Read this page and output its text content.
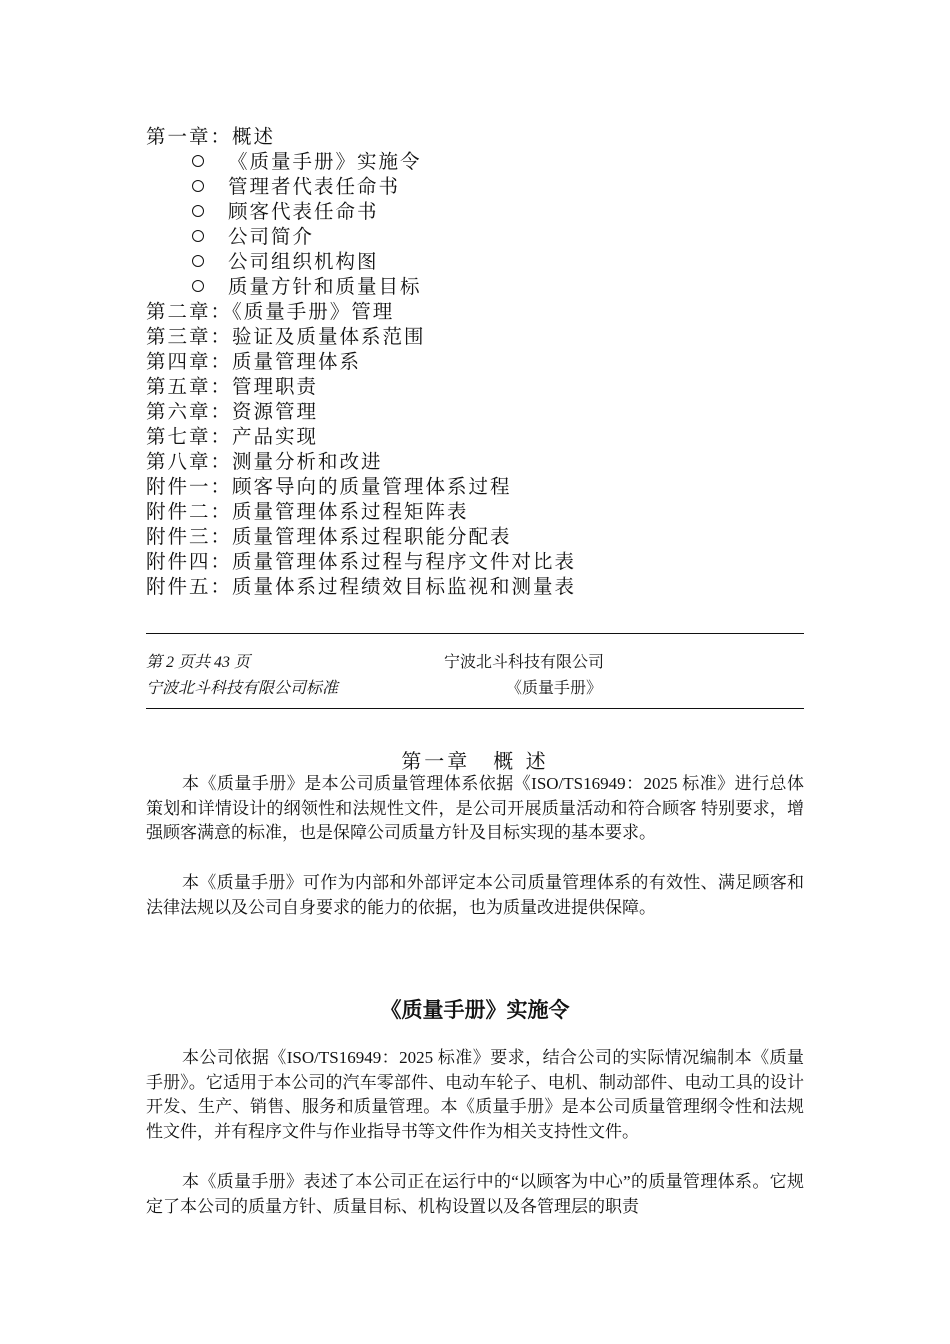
第一章：概述
《质量手册》实施令
管理者代表任命书
顾客代表任命书
公司简介
公司组织机构图
质量方针和质量目标
第二章：《质量手册》管理
第三章：验证及质量体系范围
第四章：质量管理体系
第五章：管理职责
第六章：资源管理
第七章：产品实现
第八章：测量分析和改进
附件一：顾客导向的质量管理体系过程
附件二：质量管理体系过程矩阵表
附件三：质量管理体系过程职能分配表
附件四：质量管理体系过程与程序文件对比表
附件五：质量体系过程绩效目标监视和测量表
第 2 页共 43 页	宁波北斗科技有限公司
宁波北斗科技有限公司标准	《质量手册》
第一章　概 述
本《质量手册》是本公司质量管理体系依据《ISO/TS16949：2025 标准》进行总体策划和详情设计的纲领性和法规性文件，是公司开展质量活动和符合顾客 特别要求，增强顾客满意的标准，也是保障公司质量方针及目标实现的基本要求。
本《质量手册》可作为内部和外部评定本公司质量管理体系的有效性、满足顾客和法律法规以及公司自身要求的能力的依据，也为质量改进提供保障。
《质量手册》实施令
本公司依据《ISO/TS16949：2025 标准》要求，结合公司的实际情况编制本《质量手册》。它适用于本公司的汽车零部件、电动车轮子、电机、制动部件、电动工具的设计开发、生产、销售、服务和质量管理。本《质量手册》是本公司质量管理纲令性和法规性文件，并有程序文件与作业指导书等文件作为相关支持性文件。
本《质量手册》表述了本公司正在运行中的“以顾客为中心”的质量管理体系。它规定了本公司的质量方针、质量目标、机构设置以及各管理层的职责
